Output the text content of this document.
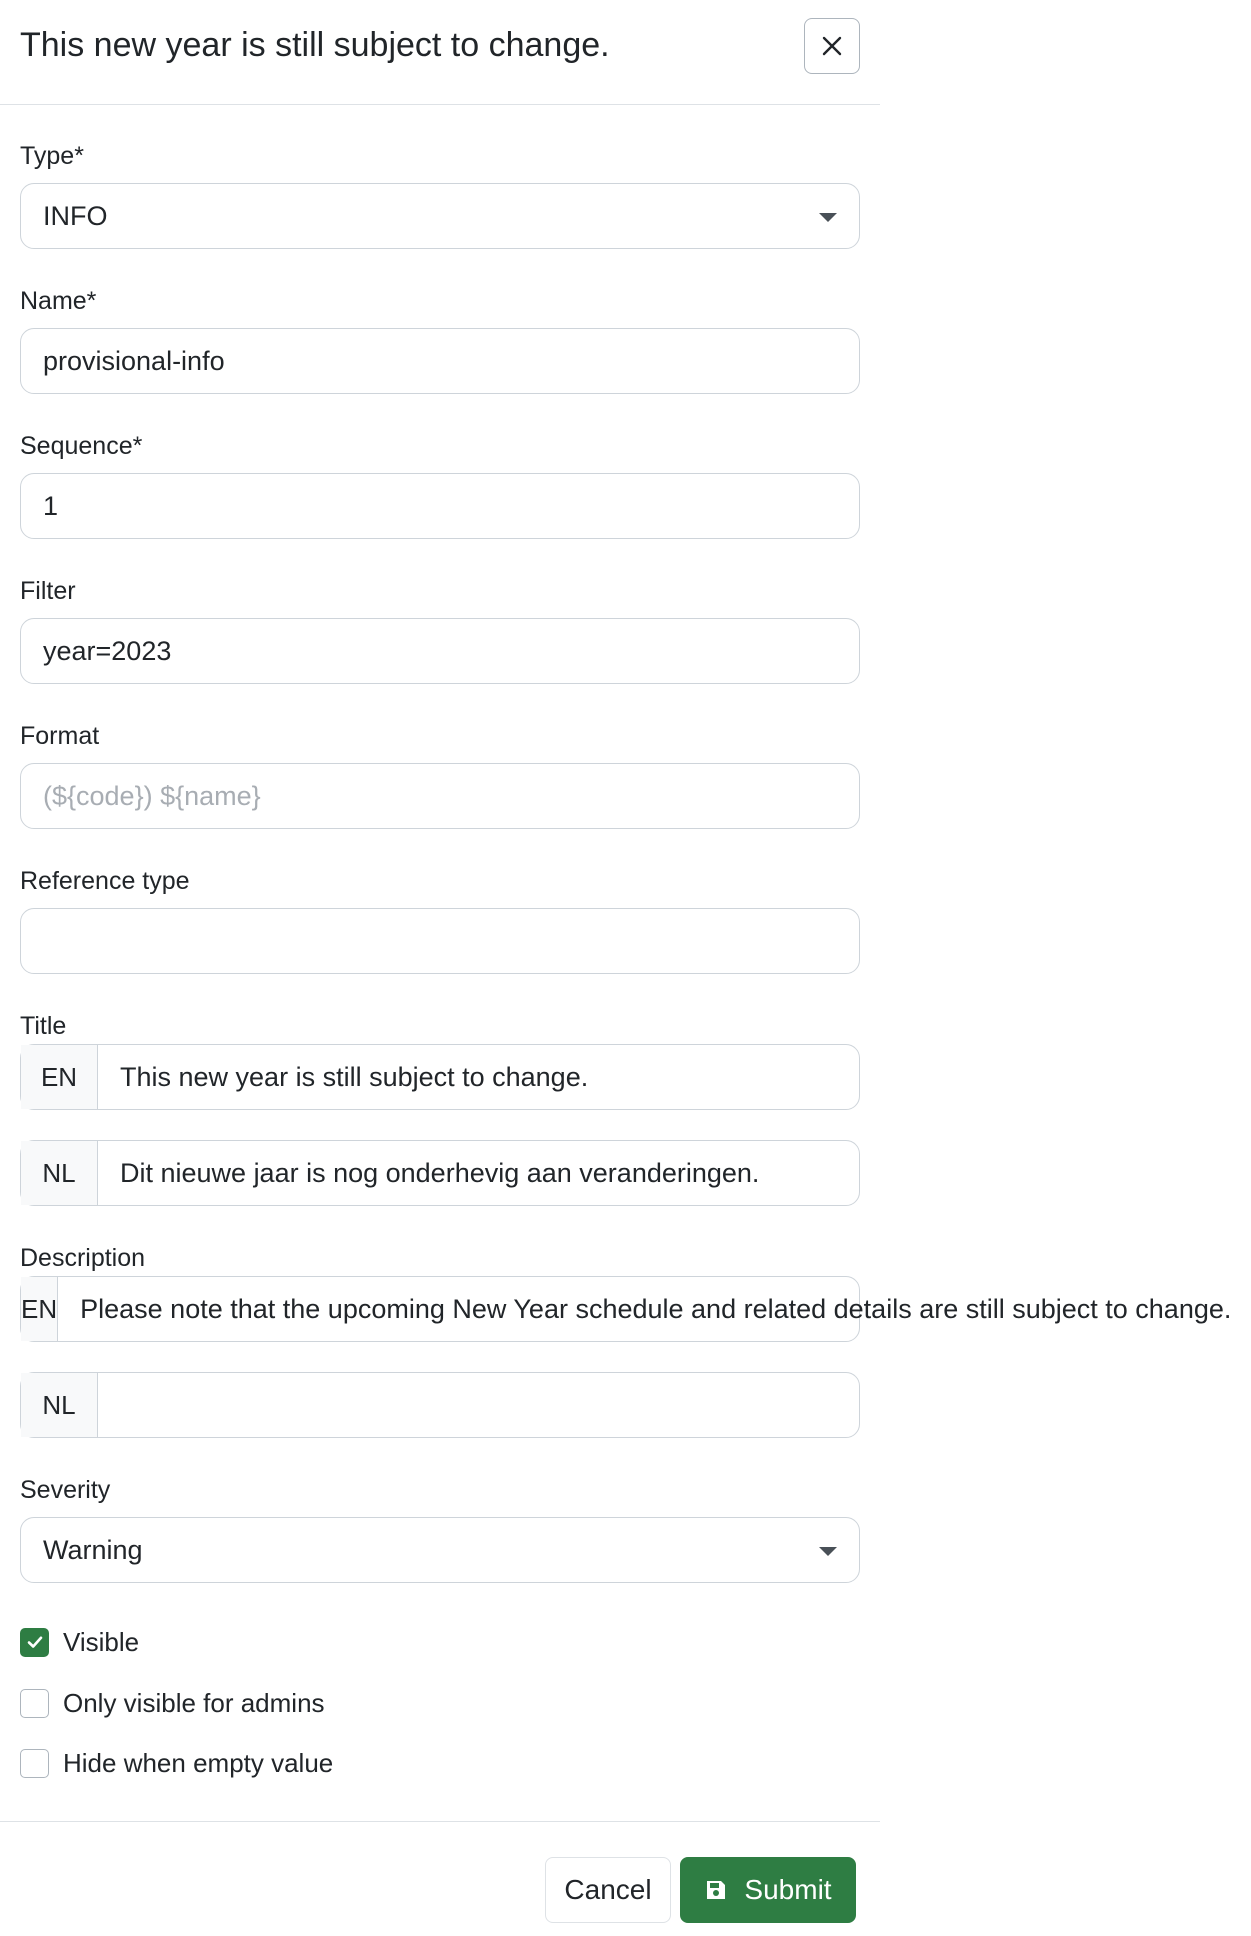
This new year is still subject to change.
Type*
INFO
Name*
provisional-info
Sequence*
1
Filter
year=2023
Format
(${code}) ${name}
Reference type
Title
EN	This new year is still subject to change.
NL	Dit nieuwe jaar is nog onderhevig aan veranderingen.
Description
EN Please note that the upcoming New Year schedule and related details are still subject to change.
NL
Severity
Warning
Visible
Only visible for admins
Hide when empty value
Cancel	Submit
